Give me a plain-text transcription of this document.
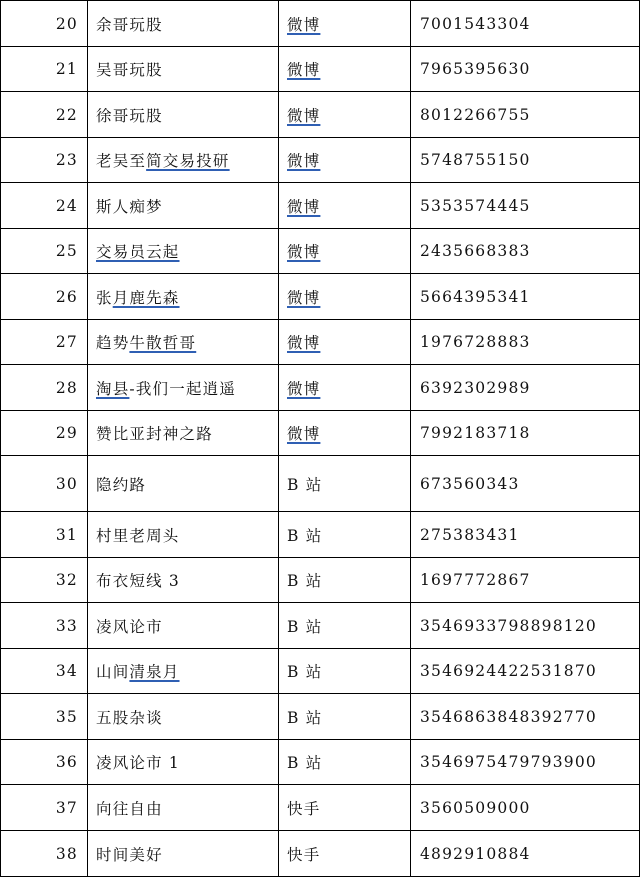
20	余哥玩股	微博	7001543304
21	吴哥玩股	微博	7965395630
22	徐哥玩股	微博	8012266755
23	老吴至简交易投研	微博	5748755150
24	斯人痴梦	微博	5353574445
25	交易员云起	微博	2435668383
26	张月鹿先森	微博	5664395341
27	趋势牛散哲哥	微博	1976728883
28	淘县-我们一起逍遥	微博	6392302989
29	赞比亚封神之路	微博	7992183718
30	隐约路	B 站	673560343
31	村里老周头	B 站	275383431
32	布衣短线 3	B 站	1697772867
33	凌风论市	B 站	3546933798898120
34	山间清泉月	B 站	3546924422531870
35	五股杂谈	B 站	3546863848392770
36	凌风论市 1	B 站	3546975479793900
37	向往自由	快手	3560509000
38	时间美好	快手	4892910884
